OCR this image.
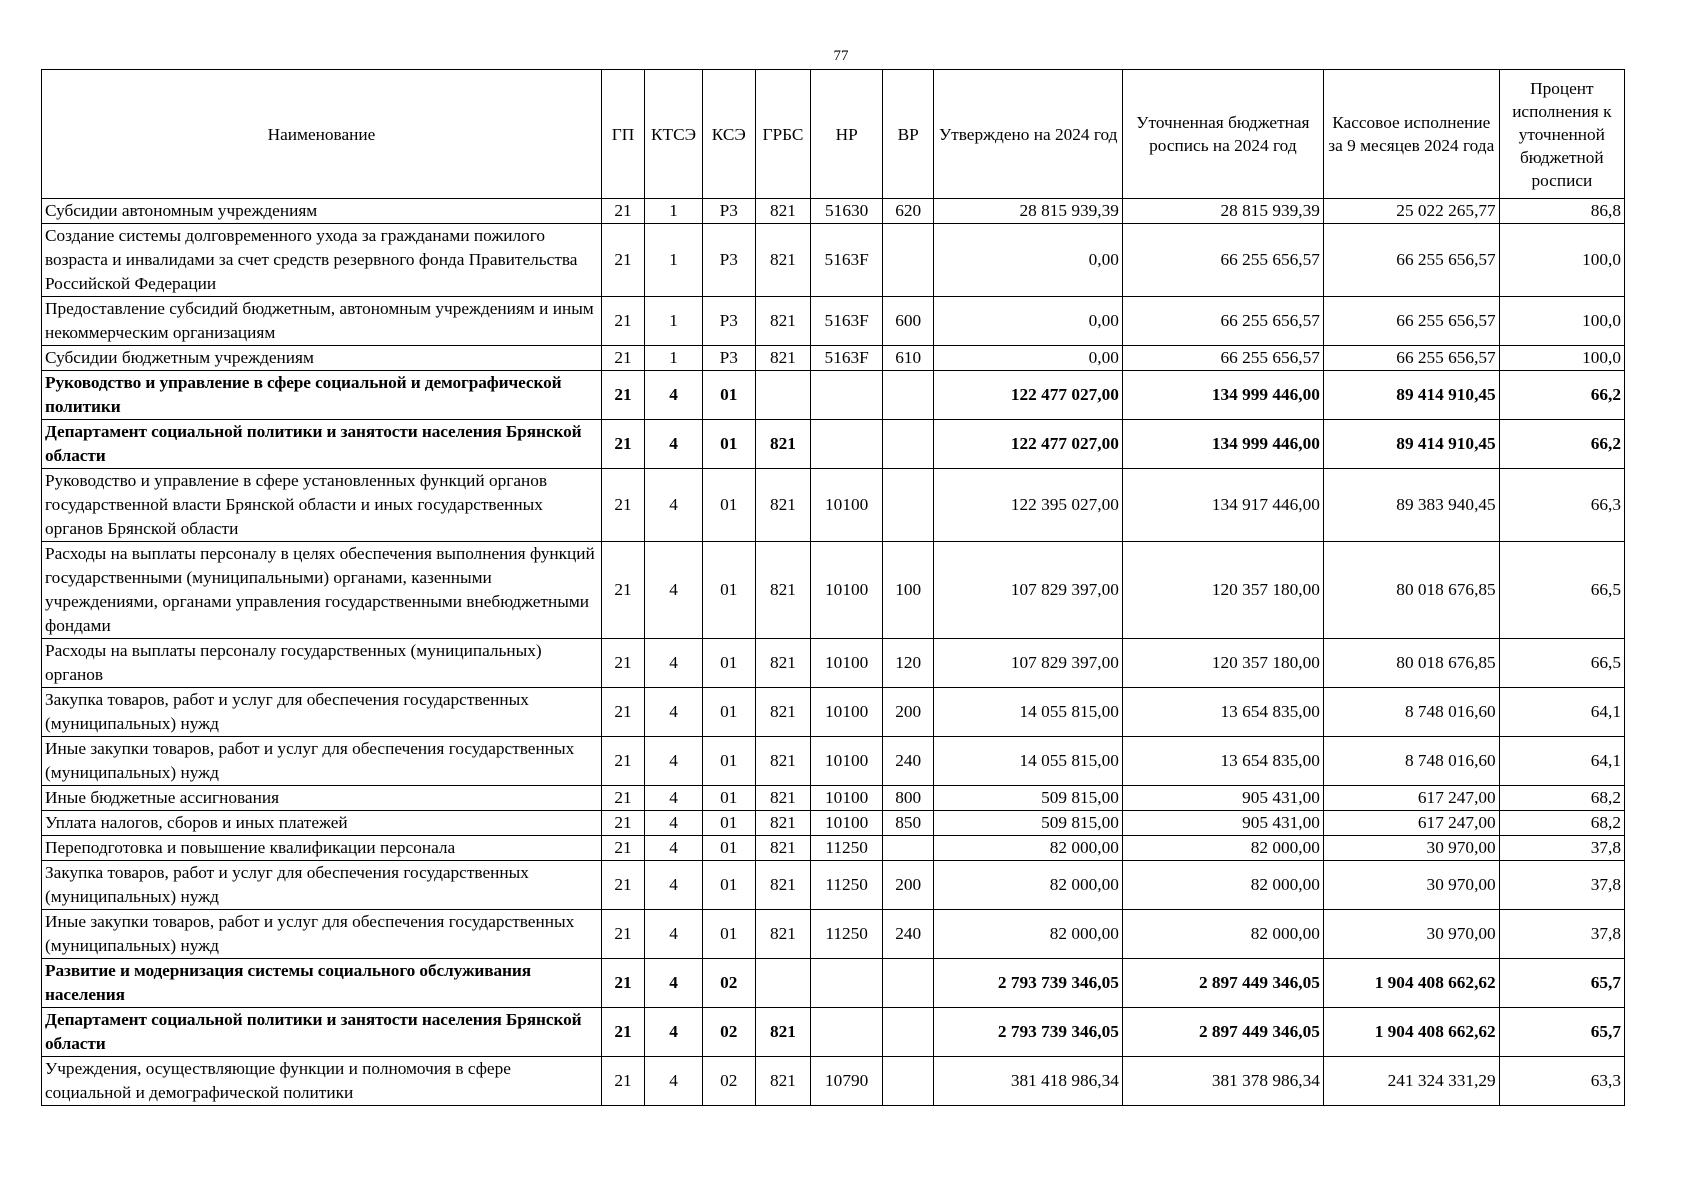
77
Наименование	ГП	КТСЭ	КСЭ	ГРБС	НР	ВР	Утверждено на 2024 год	Уточненная бюджетная роспись на 2024 год	Кассовое исполнение за 9 месяцев 2024 года	Процент исполнения к уточненной бюджетной росписи
Субсидии автономным учреждениям	21	1	Р3	821	51630	620	28 815 939,39	28 815 939,39	25 022 265,77	86,8
Создание системы долговременного ухода за гражданами пожилого возраста и инвалидами за счет средств резервного фонда Правительства Российской Федерации	21	1	Р3	821	5163F		0,00	66 255 656,57	66 255 656,57	100,0
Предоставление субсидий бюджетным, автономным учреждениям и иным некоммерческим организациям	21	1	Р3	821	5163F	600	0,00	66 255 656,57	66 255 656,57	100,0
Субсидии бюджетным учреждениям	21	1	Р3	821	5163F	610	0,00	66 255 656,57	66 255 656,57	100,0
Руководство и управление в сфере социальной и демографической политики	21	4	01				122 477 027,00	134 999 446,00	89 414 910,45	66,2
Департамент социальной политики и занятости населения Брянской области	21	4	01	821			122 477 027,00	134 999 446,00	89 414 910,45	66,2
Руководство и управление в сфере установленных функций органов государственной власти Брянской области и иных государственных органов Брянской области	21	4	01	821	10100		122 395 027,00	134 917 446,00	89 383 940,45	66,3
Расходы на выплаты персоналу в целях обеспечения выполнения функций государственными (муниципальными) органами, казенными учреждениями, органами управления государственными внебюджетными фондами	21	4	01	821	10100	100	107 829 397,00	120 357 180,00	80 018 676,85	66,5
Расходы на выплаты персоналу государственных (муниципальных) органов	21	4	01	821	10100	120	107 829 397,00	120 357 180,00	80 018 676,85	66,5
Закупка товаров, работ и услуг для обеспечения государственных (муниципальных) нужд	21	4	01	821	10100	200	14 055 815,00	13 654 835,00	8 748 016,60	64,1
Иные закупки товаров, работ и услуг для обеспечения государственных (муниципальных) нужд	21	4	01	821	10100	240	14 055 815,00	13 654 835,00	8 748 016,60	64,1
Иные бюджетные ассигнования	21	4	01	821	10100	800	509 815,00	905 431,00	617 247,00	68,2
Уплата налогов, сборов и иных платежей	21	4	01	821	10100	850	509 815,00	905 431,00	617 247,00	68,2
Переподготовка и повышение квалификации персонала	21	4	01	821	11250		82 000,00	82 000,00	30 970,00	37,8
Закупка товаров, работ и услуг для обеспечения государственных (муниципальных) нужд	21	4	01	821	11250	200	82 000,00	82 000,00	30 970,00	37,8
Иные закупки товаров, работ и услуг для обеспечения государственных (муниципальных) нужд	21	4	01	821	11250	240	82 000,00	82 000,00	30 970,00	37,8
Развитие и модернизация системы социального обслуживания населения	21	4	02				2 793 739 346,05	2 897 449 346,05	1 904 408 662,62	65,7
Департамент социальной политики и занятости населения Брянской области	21	4	02	821			2 793 739 346,05	2 897 449 346,05	1 904 408 662,62	65,7
Учреждения, осуществляющие функции и полномочия в сфере социальной и демографической политики	21	4	02	821	10790		381 418 986,34	381 378 986,34	241 324 331,29	63,3
